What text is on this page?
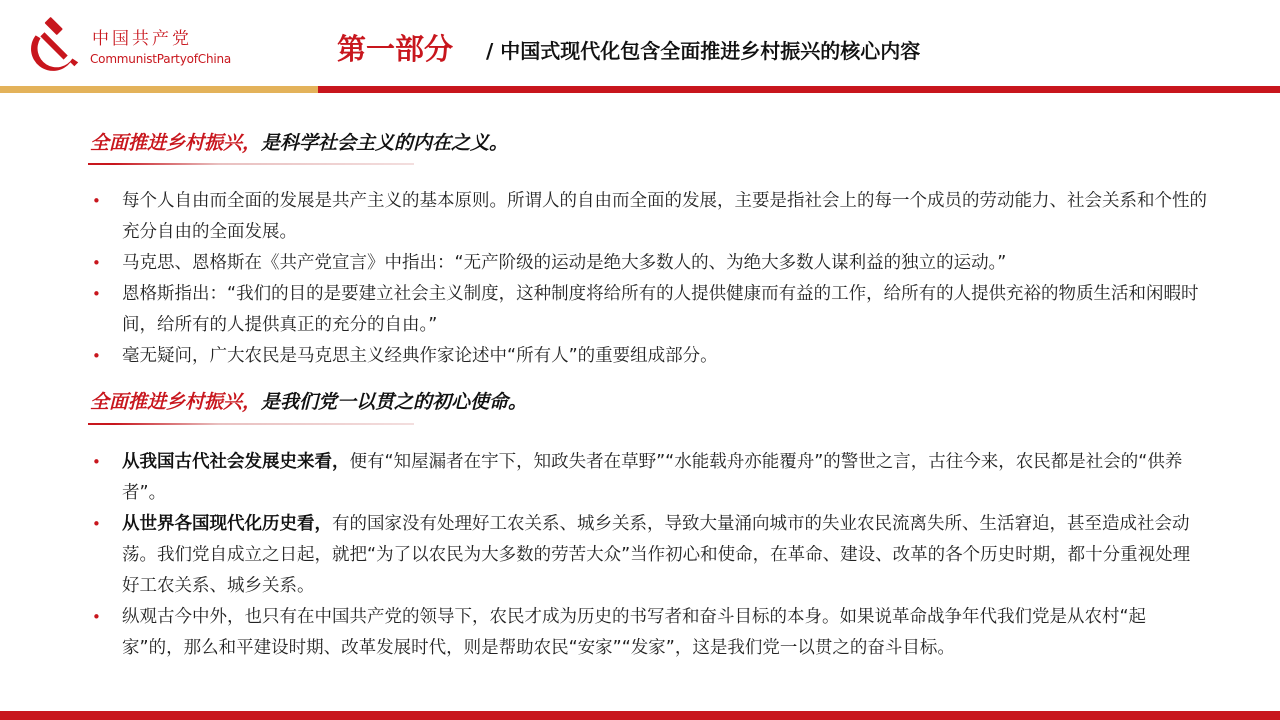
中国共产党
CommunistPartyofChina	第一部分 / 中国式现代化包含全面推进乡村振兴的核心内容
全面推进乡村振兴，是科学社会主义的内在之义。
• 每个人自由而全面的发展是共产主义的基本原则。所谓人的自由而全面的发展，主要是指社会上的每一个成员的劳动能力、社会关系和个性的充分自由的全面发展。
• 马克思、恩格斯在《共产党宣言》中指出：“无产阶级的运动是绝大多数人的、为绝大多数人谋利益的独立的运动。”
• 恩格斯指出：“我们的目的是要建立社会主义制度，这种制度将给所有的人提供健康而有益的工作，给所有的人提供充裕的物质生活和闲暇时间，给所有的人提供真正的充分的自由。”
• 毫无疑问，广大农民是马克思主义经典作家论述中“所有人”的重要组成部分。
全面推进乡村振兴，是我们党一以贯之的初心使命。
• 从我国古代社会发展史来看，便有“知屋漏者在宇下，知政失者在草野”“水能载舟亦能覆舟”的警世之言，古往今来，农民都是社会的“供养者”。
• 从世界各国现代化历史看，有的国家没有处理好工农关系、城乡关系，导致大量涌向城市的失业农民流离失所、生活窘迫，甚至造成社会动荡。我们党自成立之日起，就把“为了以农民为大多数的劳苦大众”当作初心和使命，在革命、建设、改革的各个历史时期，都十分重视处理好工农关系、城乡关系。
• 纵观古今中外，也只有在中国共产党的领导下，农民才成为历史的书写者和奋斗目标的本身。如果说革命战争年代我们党是从农村“起家”的，那么和平建设时期、改革发展时代，则是帮助农民“安家”“发家”，这是我们党一以贯之的奋斗目标。
